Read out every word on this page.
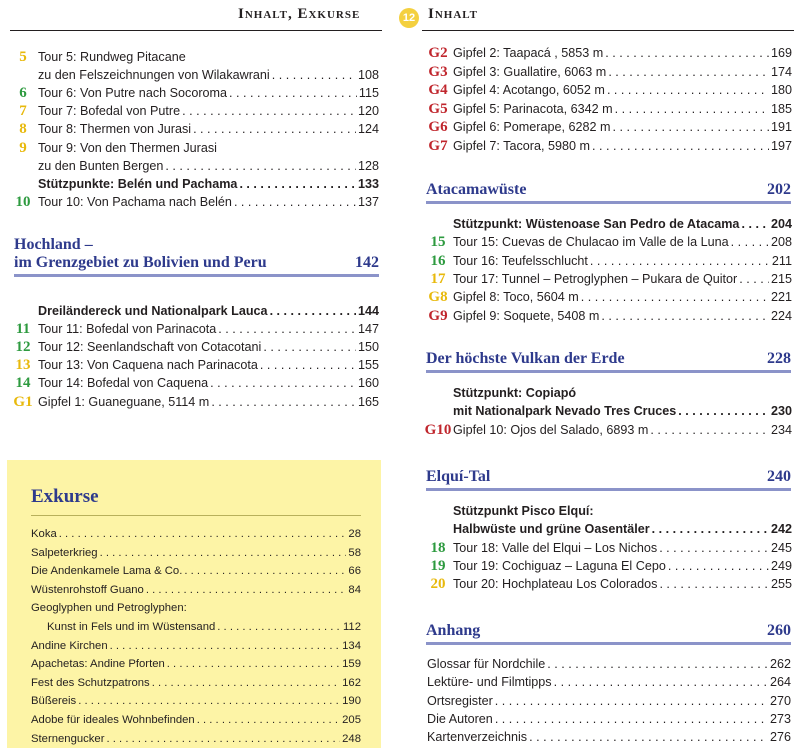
Inhalt, Exkurse	12 Inhalt
5 Tour 5: Rundweg Pitacane
zu den Felszeichnungen von Wilakawrani . . .	108
6 Tour 6: Von Putre nach Socoroma . . .	115
7 Tour 7: Bofedal von Putre . . .	120
8 Tour 8: Thermen von Jurasi . . .	124
9 Tour 9: Von den Thermen Jurasi
zu den Bunten Bergen . . .	128
Stützpunkte: Belén und Pachama . . .	133
10 Tour 10: Von Pachama nach Belén . . .	137
Hochland –
im Grenzgebiet zu Bolivien und Peru	142
Dreiländereck und Nationalpark Lauca . . .	144
11 Tour 11: Bofedal von Parinacota . . .	147
12 Tour 12: Seenlandschaft von Cotacotani . . .	150
13 Tour 13: Von Caquena nach Parinacota . . .	155
14 Tour 14: Bofedal von Caquena . . .	160
G1 Gipfel 1: Guaneguane, 5114 m . . .	165
Exkurse
Koka . . .	28
Salpeterkrieg . . .	58
Die Andenkamele Lama & Co. . . .	66
Wüstenrohstoff Guano . . .	84
Geoglyphen und Petroglyphen:
Kunst in Fels und im Wüstensand . . .	112
Andine Kirchen . . .	134
Apachetas: Andine Pforten . . .	159
Fest des Schutzpatrons . . .	162
Büßereis . . .	190
Adobe für ideales Wohnbefinden . . .	205
Sternengucker . . .	248
G2 Gipfel 2: Taapacá , 5853 m . . .	169
G3 Gipfel 3: Guallatire, 6063 m . . .	174
G4 Gipfel 4: Acotango, 6052 m . . .	180
G5 Gipfel 5: Parinacota, 6342 m . . .	185
G6 Gipfel 6: Pomerape, 6282 m . . .	191
G7 Gipfel 7: Tacora, 5980 m . . .	197
Atacamawüste	202
Stützpunkt: Wüstenoase San Pedro de Atacama . . .	204
15 Tour 15: Cuevas de Chulacao im Valle de la Luna . . .	208
16 Tour 16: Teufelsschlucht . . .	211
17 Tour 17: Tunnel – Petroglyphen – Pukara de Quitor . . .	215
G8 Gipfel 8: Toco, 5604 m . . .	221
G9 Gipfel 9: Soquete, 5408 m . . .	224
Der höchste Vulkan der Erde	228
Stützpunkt: Copiapó
mit Nationalpark Nevado Tres Cruces . . .	230
G10 Gipfel 10: Ojos del Salado, 6893 m . . .	234
Elquí-Tal	240
Stützpunkt Pisco Elquí:
Halbwüste und grüne Oasentäler . . .	242
18 Tour 18: Valle del Elqui – Los Nichos . . .	245
19 Tour 19: Cochiguaz – Laguna El Cepo . . .	249
20 Tour 20: Hochplateau Los Colorados . . .	255
Anhang	260
Glossar für Nordchile . . .	262
Lektüre- und Filmtipps . . .	264
Ortsregister . . .	270
Die Autoren . . .	273
Kartenverzeichnis . . .	276
